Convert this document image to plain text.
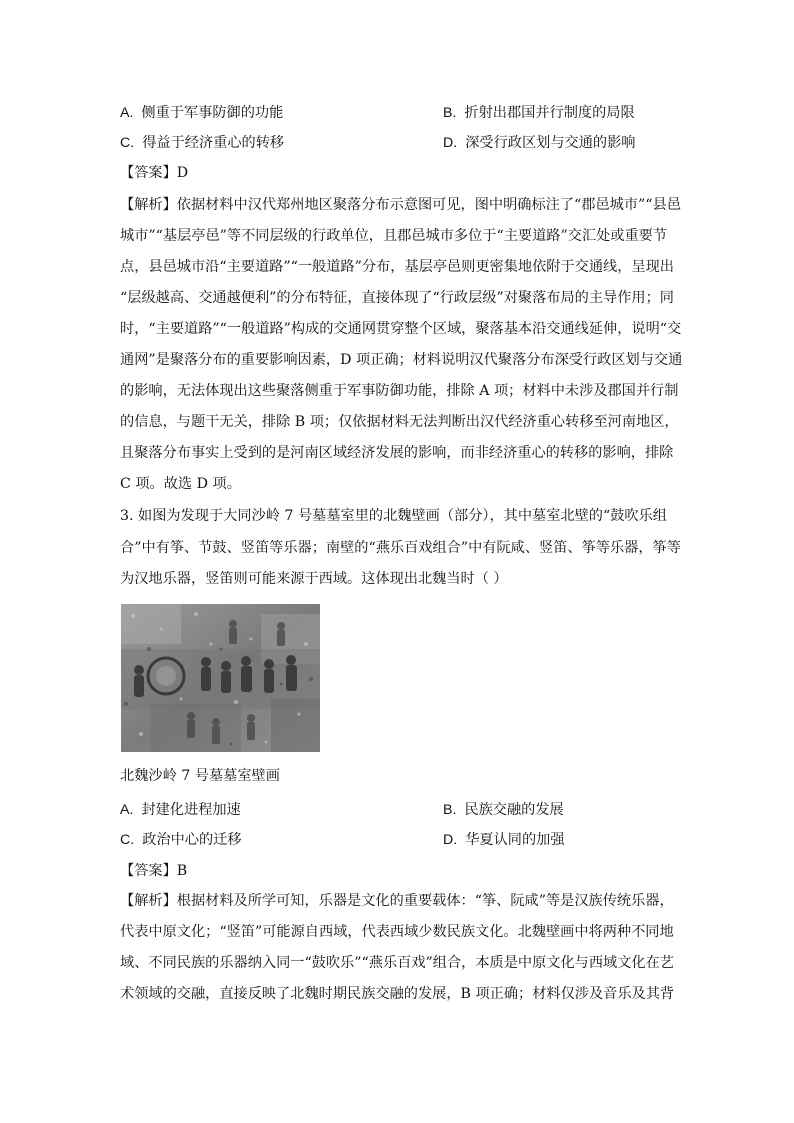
A. 侧重于军事防御的功能	B. 折射出郡国并行制度的局限
C. 得益于经济重心的转移	D. 深受行政区划与交通的影响
【答案】D
【解析】依据材料中汉代郑州地区聚落分布示意图可见，图中明确标注了“郡邑城市”“县邑
城市”“基层亭邑”等不同层级的行政单位，且郡邑城市多位于“主要道路”交汇处或重要节
点，县邑城市沿“主要道路”“一般道路”分布，基层亭邑则更密集地依附于交通线，呈现出
“层级越高、交通越便利”的分布特征，直接体现了“行政层级”对聚落布局的主导作用；同
时，“主要道路”“一般道路”构成的交通网贯穿整个区域，聚落基本沿交通线延伸，说明“交
通网”是聚落分布的重要影响因素，D 项正确；材料说明汉代聚落分布深受行政区划与交通
的影响，无法体现出这些聚落侧重于军事防御功能，排除 A 项；材料中未涉及郡国并行制
的信息，与题干无关，排除 B 项；仅依据材料无法判断出汉代经济重心转移至河南地区，
且聚落分布事实上受到的是河南区域经济发展的影响，而非经济重心的转移的影响，排除
C 项。故选 D 项。
3. 如图为发现于大同沙岭 7 号墓墓室里的北魏壁画（部分），其中墓室北壁的“鼓吹乐组
合”中有筝、节鼓、竖笛等乐器；南壁的“燕乐百戏组合”中有阮咸、竖笛、筝等乐器，筝等
为汉地乐器，竖笛则可能来源于西域。这体现出北魏当时（ ）
北魏沙岭 7 号墓墓室壁画
A. 封建化进程加速	B. 民族交融的发展
C. 政治中心的迁移	D. 华夏认同的加强
【答案】B
【解析】根据材料及所学可知，乐器是文化的重要载体：“筝、阮咸”等是汉族传统乐器，
代表中原文化；“竖笛”可能源自西域，代表西域少数民族文化。北魏壁画中将两种不同地
域、不同民族的乐器纳入同一“鼓吹乐”“燕乐百戏”组合，本质是中原文化与西域文化在艺
术领域的交融，直接反映了北魏时期民族交融的发展，B 项正确；材料仅涉及音乐及其背
